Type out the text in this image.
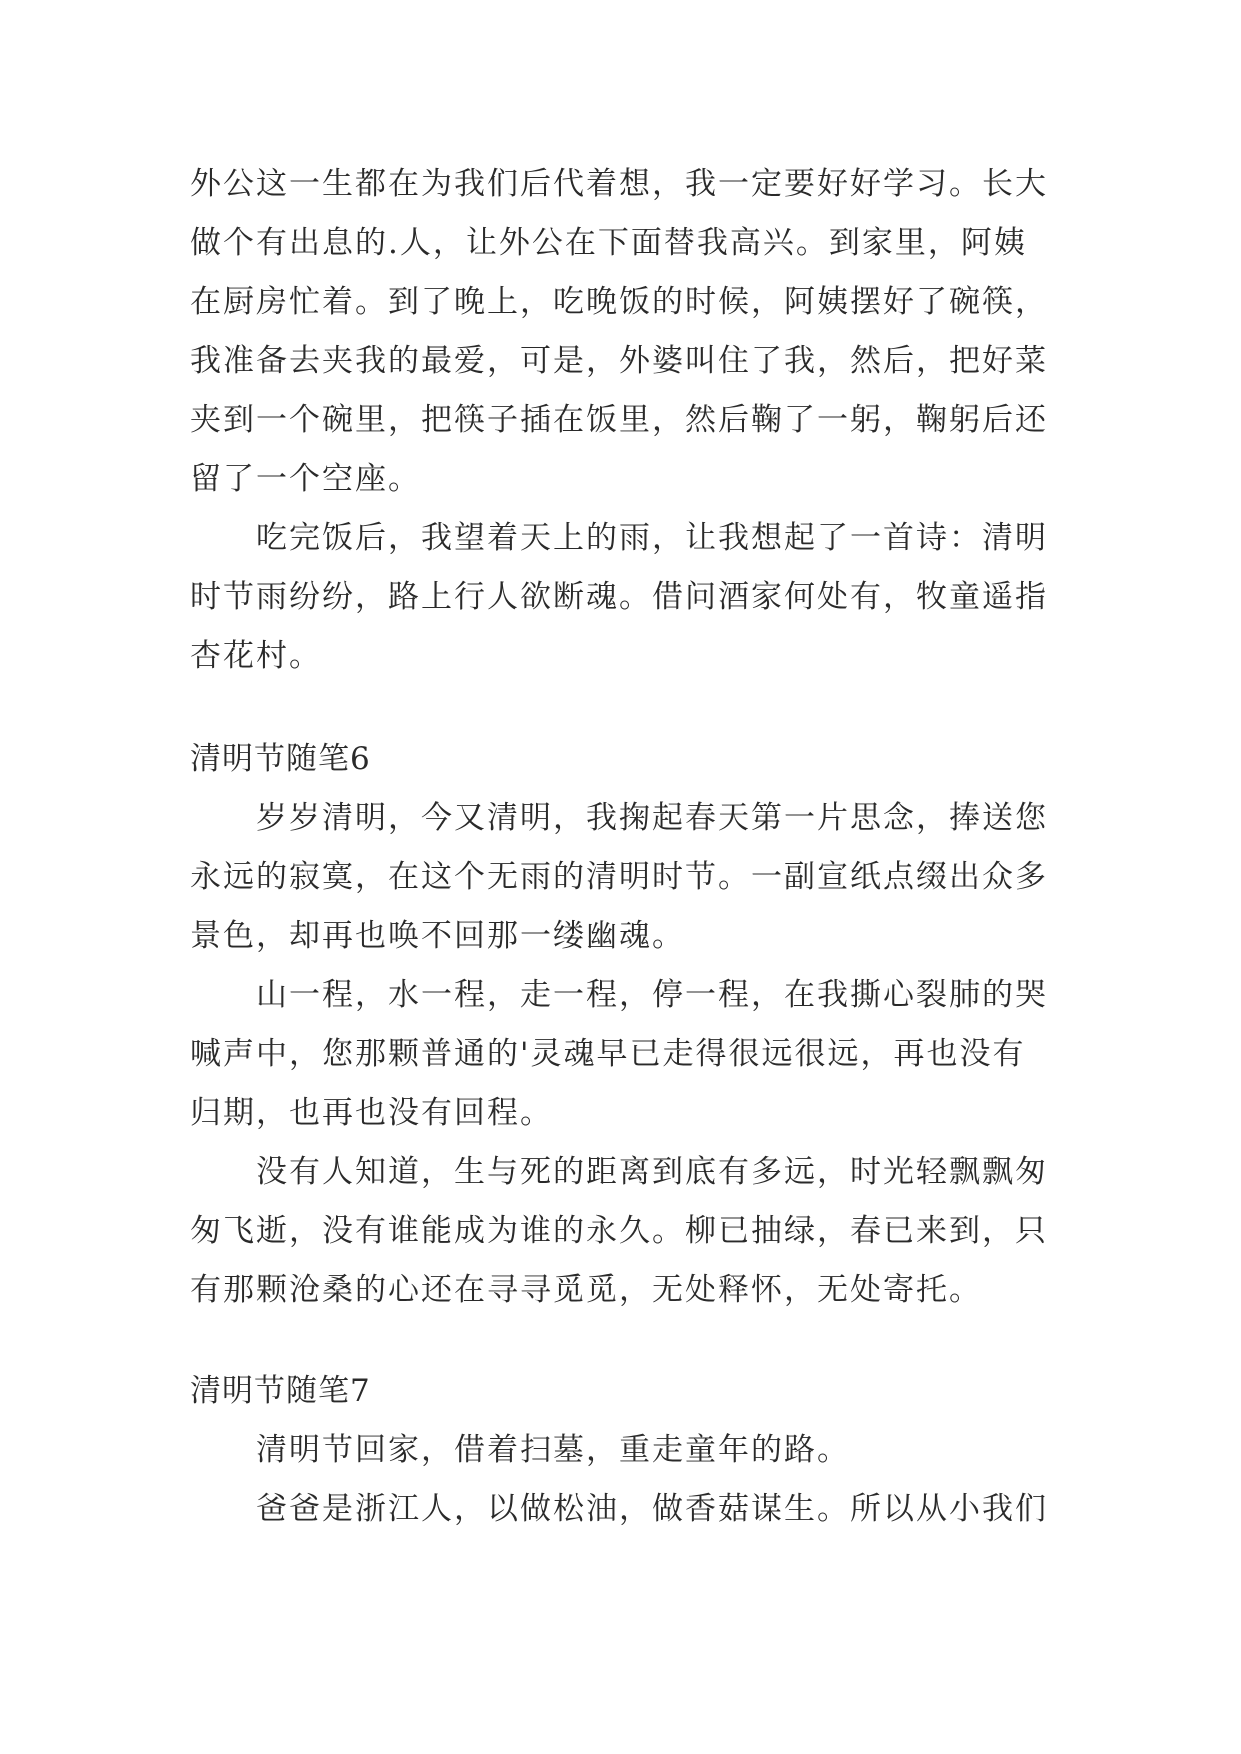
外公这一生都在为我们后代着想，我一定要好好学习。长大
做个有出息的.人，让外公在下面替我高兴。到家里，阿姨
在厨房忙着。到了晚上，吃晚饭的时候，阿姨摆好了碗筷，
我准备去夹我的最爱，可是，外婆叫住了我，然后，把好菜
夹到一个碗里，把筷子插在饭里，然后鞠了一躬，鞠躬后还
留了一个空座。
吃完饭后，我望着天上的雨，让我想起了一首诗：清明
时节雨纷纷，路上行人欲断魂。借问酒家何处有，牧童遥指
杏花村。
清明节随笔6
岁岁清明，今又清明，我掬起春天第一片思念，捧送您
永远的寂寞，在这个无雨的清明时节。一副宣纸点缀出众多
景色，却再也唤不回那一缕幽魂。
山一程，水一程，走一程，停一程，在我撕心裂肺的哭
喊声中，您那颗普通的'灵魂早已走得很远很远，再也没有
归期，也再也没有回程。
没有人知道，生与死的距离到底有多远，时光轻飘飘匆
匆飞逝，没有谁能成为谁的永久。柳已抽绿，春已来到，只
有那颗沧桑的心还在寻寻觅觅，无处释怀，无处寄托。
清明节随笔7
清明节回家，借着扫墓，重走童年的路。
爸爸是浙江人，以做松油，做香菇谋生。所以从小我们
